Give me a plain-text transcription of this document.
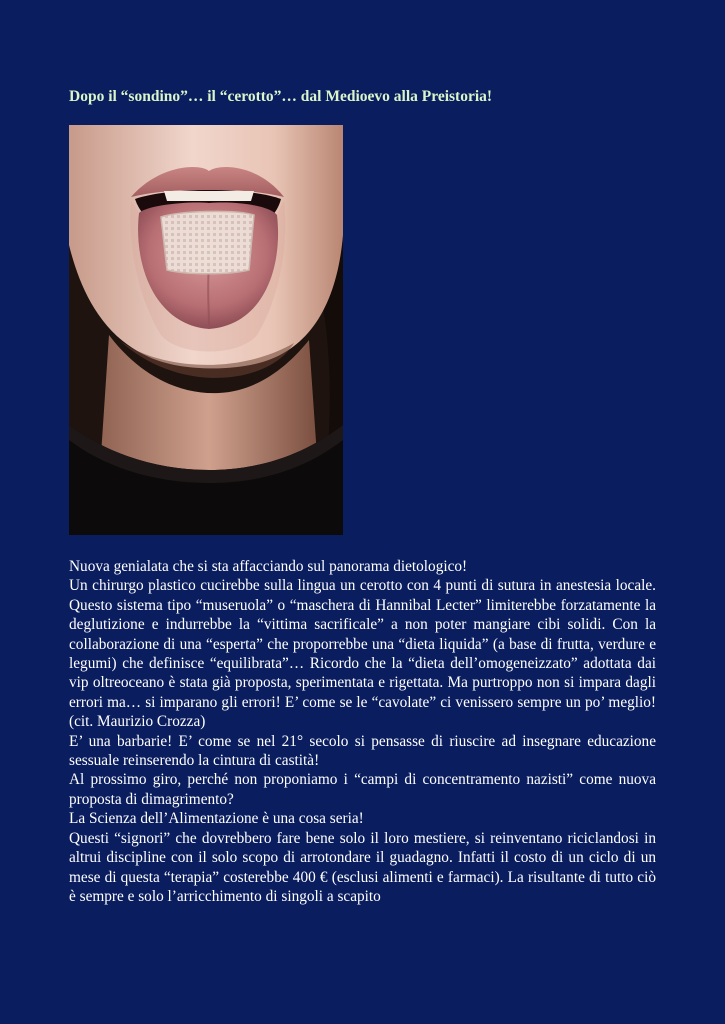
Dopo il “sondino”… il “cerotto”… dal Medioevo alla Preistoria!

Nuova genialata che si sta affacciando sul panorama dietologico!

Un chirurgo plastico cucirebbe sulla lingua un cerotto con 4 punti di sutura in anestesia locale. Questo sistema tipo “museruola” o “maschera di Hannibal Lecter” limiterebbe forzatamente la deglutizione e indurrebbe la “vittima sacrificale” a non poter mangiare cibi solidi. Con la collaborazione di una “esperta” che proporrebbe una “dieta liquida” (a base di frutta, verdure e legumi) che definisce “equilibrata”… Ricordo che la “dieta dell’omogeneizzato” adottata dai vip oltreoceano è stata già proposta, sperimentata e rigettata. Ma purtroppo non si impara dagli errori ma… si imparano gli errori! E’ come se le “cavolate” ci venissero sempre un po’ meglio! (cit. Maurizio Crozza)

E’ una barbarie! E’ come se nel 21° secolo si pensasse di riuscire ad insegnare educazione sessuale reinserendo la cintura di castità!

Al prossimo giro, perché non proponiamo i “campi di concentramento nazisti” come nuova proposta di dimagrimento?

La Scienza dell’Alimentazione è una cosa seria!

Questi “signori” che dovrebbero fare bene solo il loro mestiere, si reinventano riciclandosi in altrui discipline con il solo scopo di arrotondare il guadagno. Infatti il costo di un ciclo di un mese di questa “terapia” costerebbe 400 € (esclusi alimenti e farmaci). La risultante di tutto ciò è sempre e solo l’arricchimento di singoli a scapito
